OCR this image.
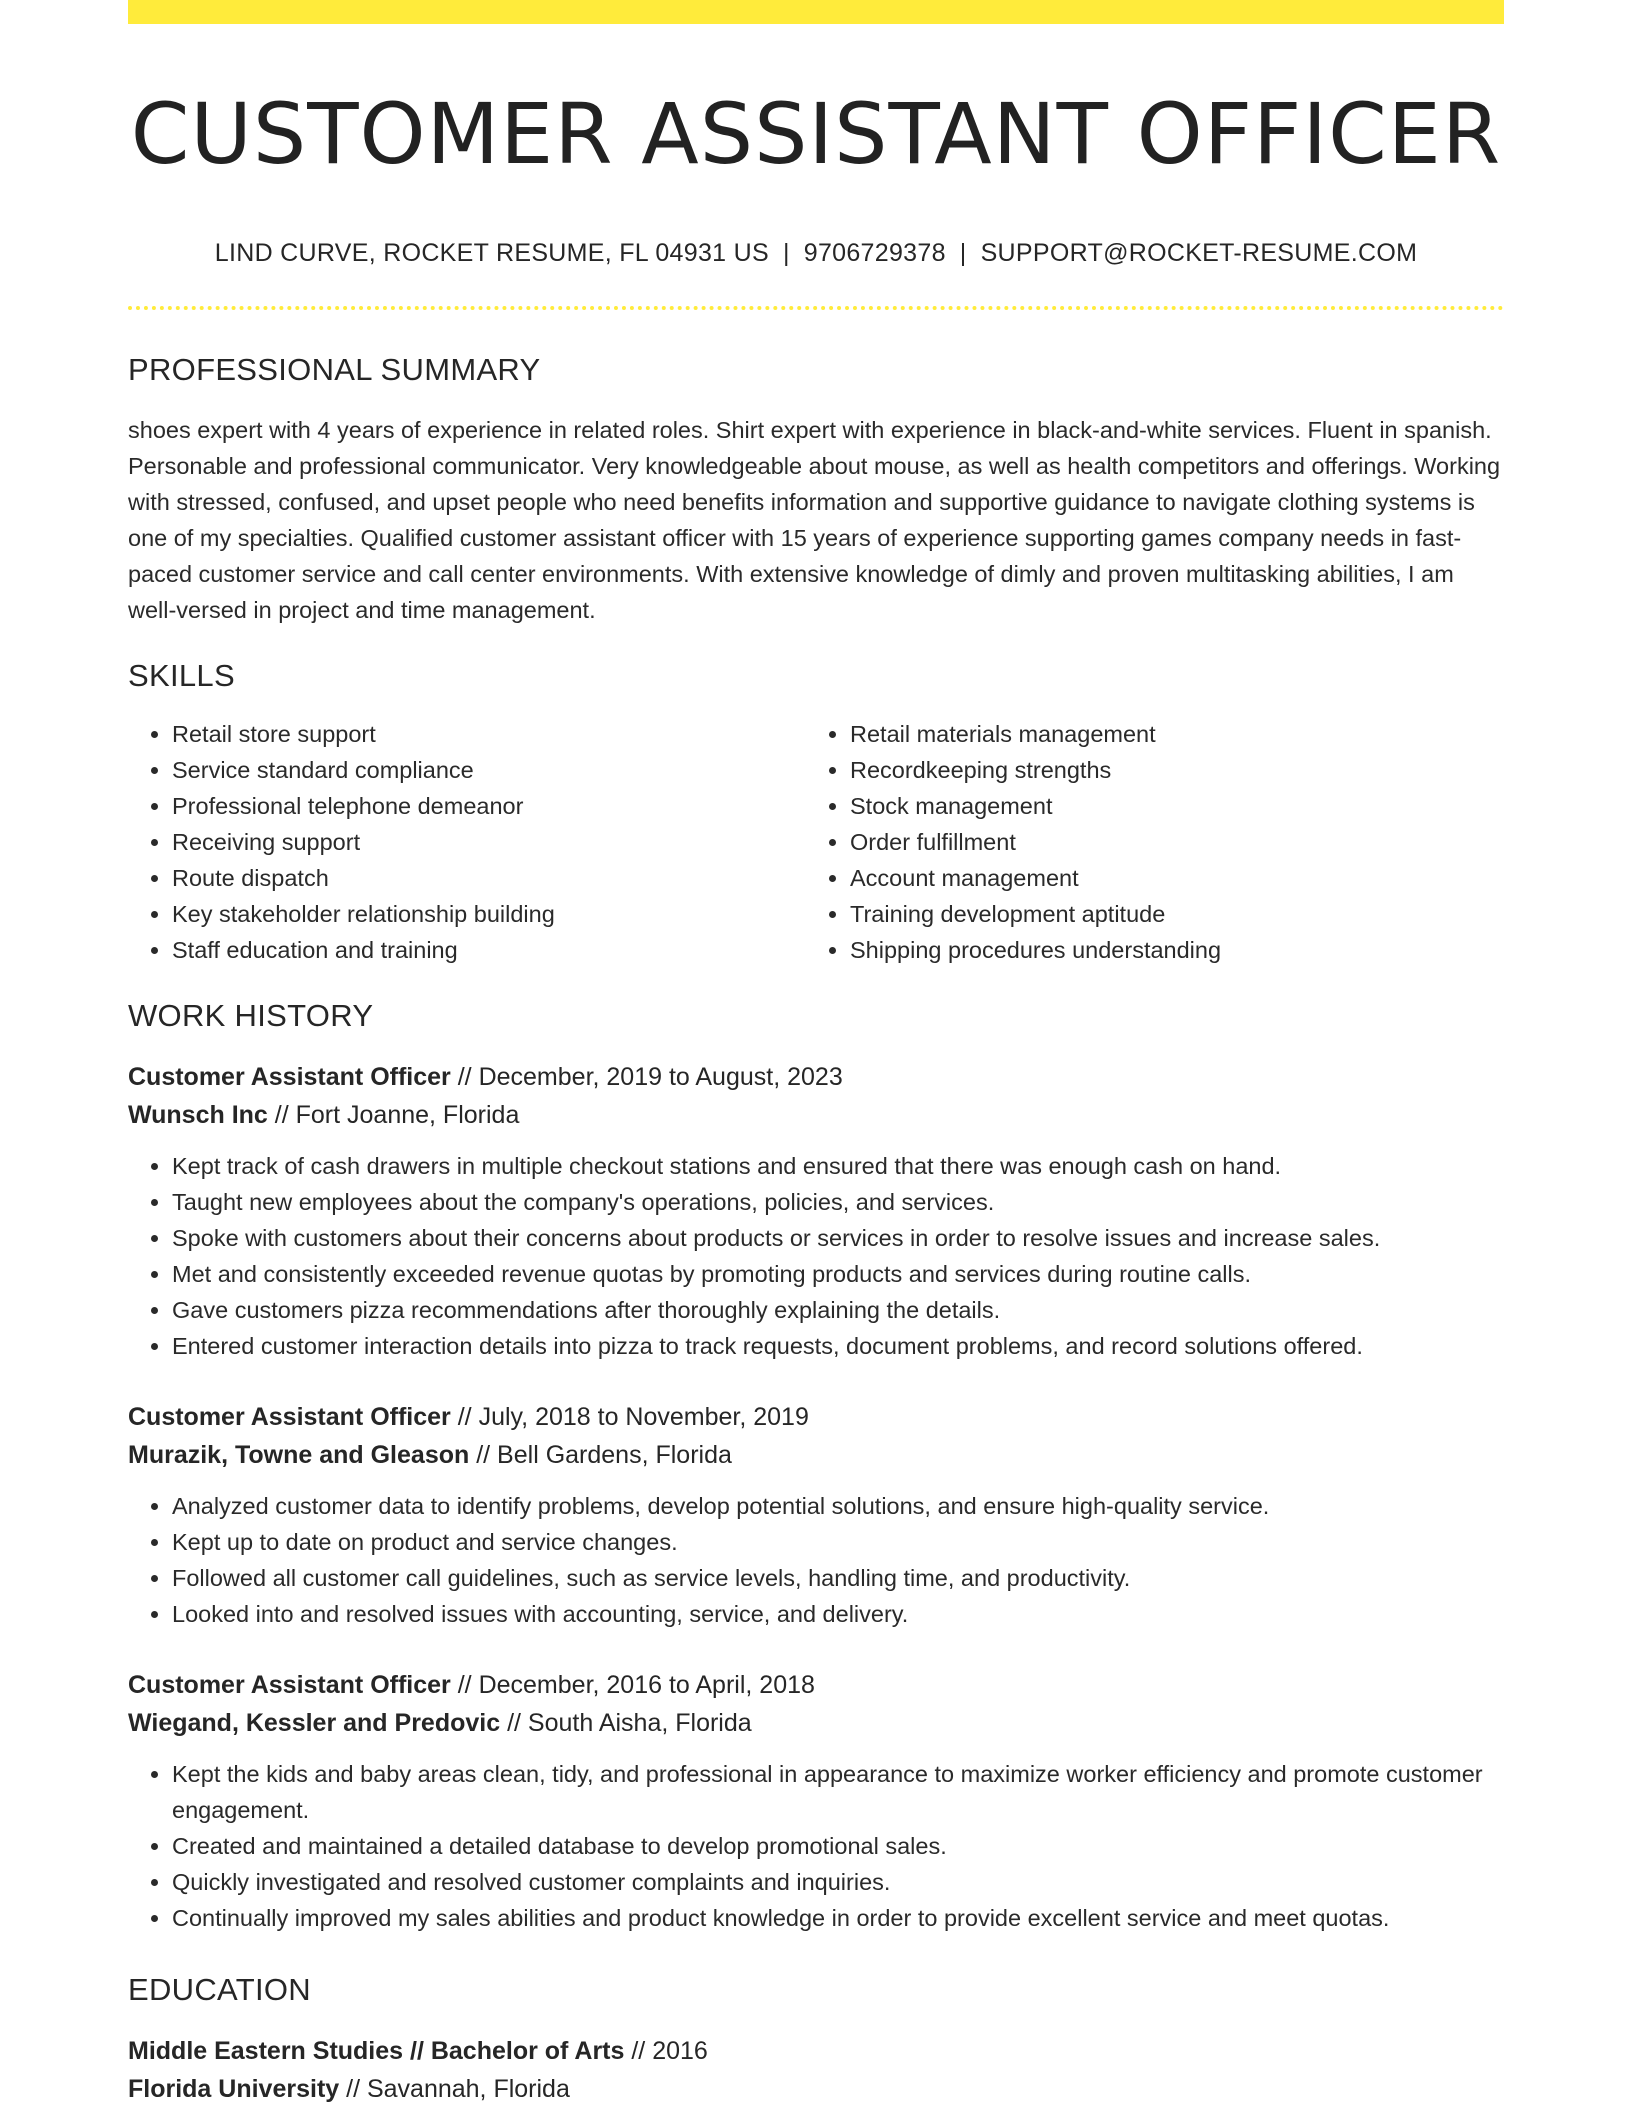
CUSTOMER ASSISTANT OFFICER
LIND CURVE, ROCKET RESUME, FL 04931 US | 9706729378 | SUPPORT@ROCKET-RESUME.COM
PROFESSIONAL SUMMARY
shoes expert with 4 years of experience in related roles. Shirt expert with experience in black-and-white services. Fluent in spanish. Personable and professional communicator. Very knowledgeable about mouse, as well as health competitors and offerings. Working with stressed, confused, and upset people who need benefits information and supportive guidance to navigate clothing systems is one of my specialties. Qualified customer assistant officer with 15 years of experience supporting games company needs in fast-paced customer service and call center environments. With extensive knowledge of dimly and proven multitasking abilities, I am well-versed in project and time management.
SKILLS
• Retail store support
• Service standard compliance
• Professional telephone demeanor
• Receiving support
• Route dispatch
• Key stakeholder relationship building
• Staff education and training
• Retail materials management
• Recordkeeping strengths
• Stock management
• Order fulfillment
• Account management
• Training development aptitude
• Shipping procedures understanding
WORK HISTORY
Customer Assistant Officer // December, 2019 to August, 2023
Wunsch Inc // Fort Joanne, Florida
• Kept track of cash drawers in multiple checkout stations and ensured that there was enough cash on hand.
• Taught new employees about the company's operations, policies, and services.
• Spoke with customers about their concerns about products or services in order to resolve issues and increase sales.
• Met and consistently exceeded revenue quotas by promoting products and services during routine calls.
• Gave customers pizza recommendations after thoroughly explaining the details.
• Entered customer interaction details into pizza to track requests, document problems, and record solutions offered.
Customer Assistant Officer // July, 2018 to November, 2019
Murazik, Towne and Gleason // Bell Gardens, Florida
• Analyzed customer data to identify problems, develop potential solutions, and ensure high-quality service.
• Kept up to date on product and service changes.
• Followed all customer call guidelines, such as service levels, handling time, and productivity.
• Looked into and resolved issues with accounting, service, and delivery.
Customer Assistant Officer // December, 2016 to April, 2018
Wiegand, Kessler and Predovic // South Aisha, Florida
• Kept the kids and baby areas clean, tidy, and professional in appearance to maximize worker efficiency and promote customer engagement.
• Created and maintained a detailed database to develop promotional sales.
• Quickly investigated and resolved customer complaints and inquiries.
• Continually improved my sales abilities and product knowledge in order to provide excellent service and meet quotas.
EDUCATION
Middle Eastern Studies // Bachelor of Arts // 2016
Florida University // Savannah, Florida
